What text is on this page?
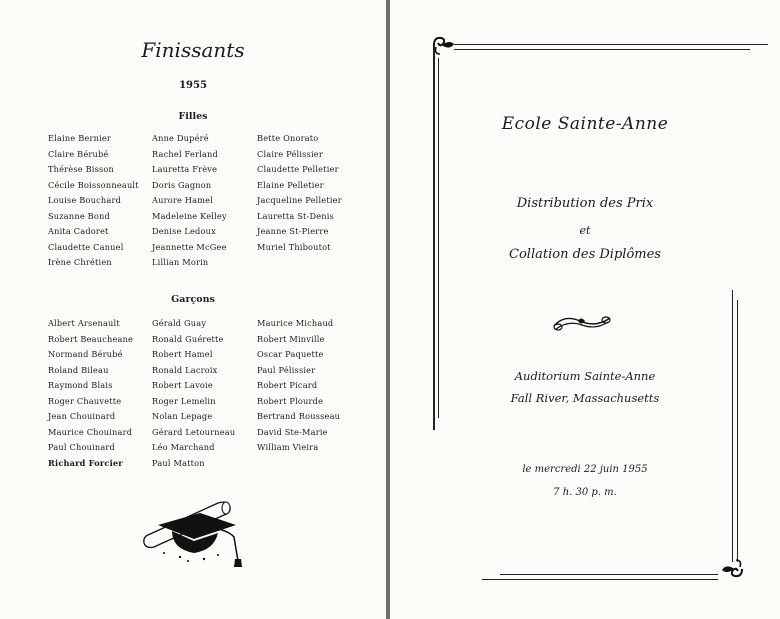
Finissants
1955
Filles
Elaine Bernier
Claire Bérubé
Thérèse Bisson
Cécile Boissonneault
Louise Bouchard
Suzanne Bond
Anita Cadoret
Claudette Canuel
Irène Chrétien
Anne Dupéré
Rachel Ferland
Lauretta Frève
Doris Gagnon
Aurore Hamel
Madeleine Kelley
Denise Ledoux
Jeannette McGee
Lillian Morin
Bette Onorato
Claire Pélissier
Claudette Pelletier
Elaine Pelletier
Jacqueline Pelletier
Lauretta St-Denis
Jeanne St-Pierre
Muriel Thiboutot
Garçons
Albert Arsenault
Robert Beaucheane
Normand Bérubé
Roland Bileau
Raymond Blais
Roger Chauvette
Jean Chouinard
Maurice Chouinard
Paul Chouinard
Richard Forcier
Gérald Guay
Ronald Guérette
Robert Hamel
Ronald Lacroix
Robert Lavoie
Roger Lemelin
Nolan Lepage
Gérard Letourneau
Léo Marchand
Paul Matton
Maurice Michaud
Robert Minville
Oscar Paquette
Paul Pélissier
Robert Picard
Robert Plourde
Bertrand Rousseau
David Ste-Marie
William Vieira
Ecole Sainte-Anne
Distribution des Prix
et
Collation des Diplômes
Auditorium Sainte-Anne
Fall River, Massachusetts
le mercredi 22 juin 1955
7 h. 30 p. m.
